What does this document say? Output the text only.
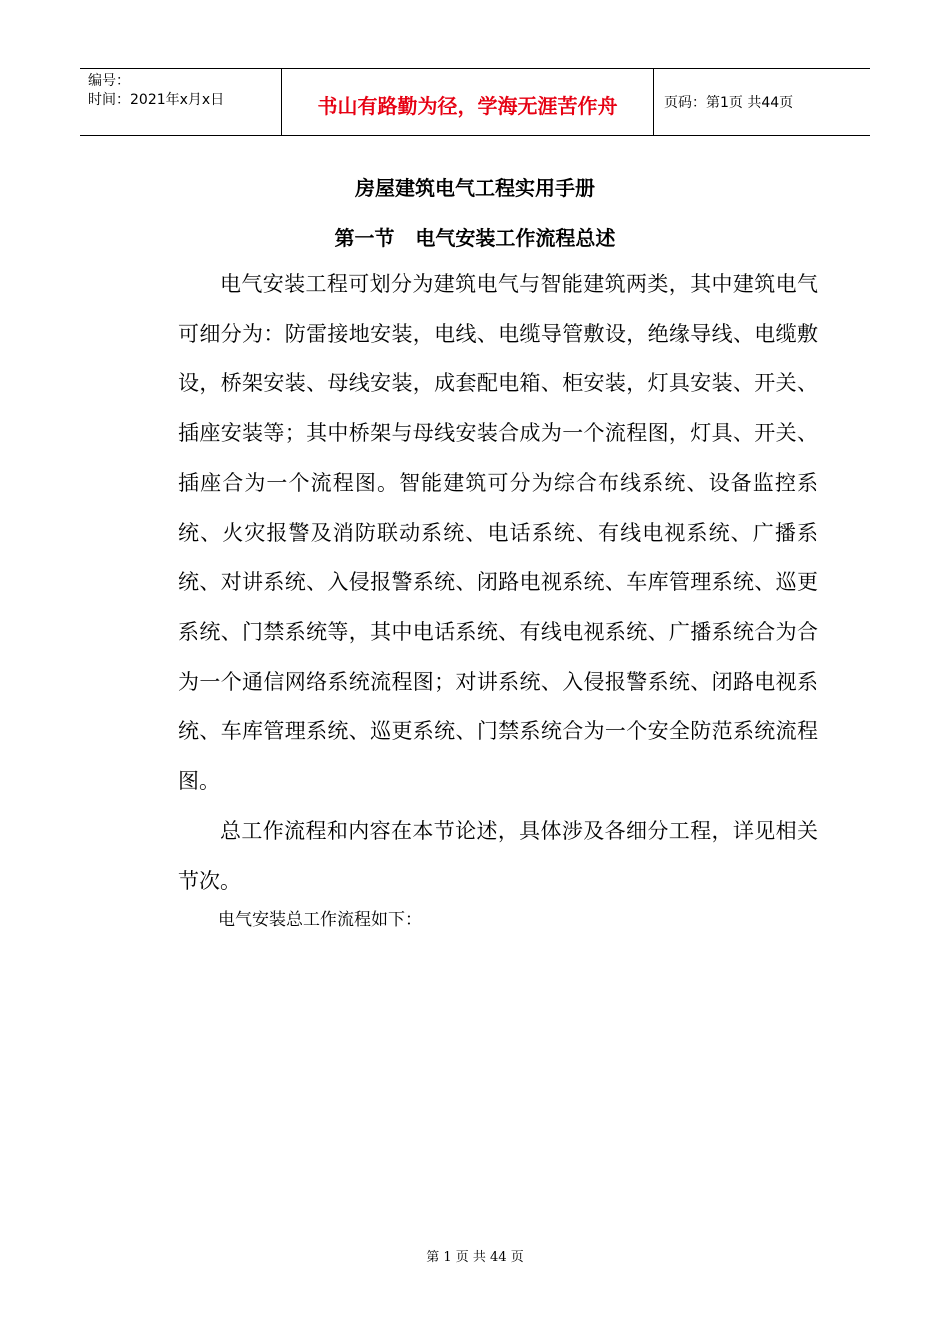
编号：
时间：2021年x月x日	书山有路勤为径，学海无涯苦作舟	页码：第1页 共44页
房屋建筑电气工程实用手册
第一节   电气安装工作流程总述

电气安装工程可划分为建筑电气与智能建筑两类，其中建筑电气可细分为：防雷接地安装，电线、电缆导管敷设，绝缘导线、电缆敷设，桥架安装、母线安装，成套配电箱、柜安装，灯具安装、开关、插座安装等；其中桥架与母线安装合成为一个流程图，灯具、开关、插座合为一个流程图。智能建筑可分为综合布线系统、设备监控系统、火灾报警及消防联动系统、电话系统、有线电视系统、广播系统、对讲系统、入侵报警系统、闭路电视系统、车库管理系统、巡更系统、门禁系统等，其中电话系统、有线电视系统、广播系统合为合为一个通信网络系统流程图；对讲系统、入侵报警系统、闭路电视系统、车库管理系统、巡更系统、门禁系统合为一个安全防范系统流程图。

总工作流程和内容在本节论述，具体涉及各细分工程，详见相关节次。

电气安装总工作流程如下：

第 1 页 共 44 页
